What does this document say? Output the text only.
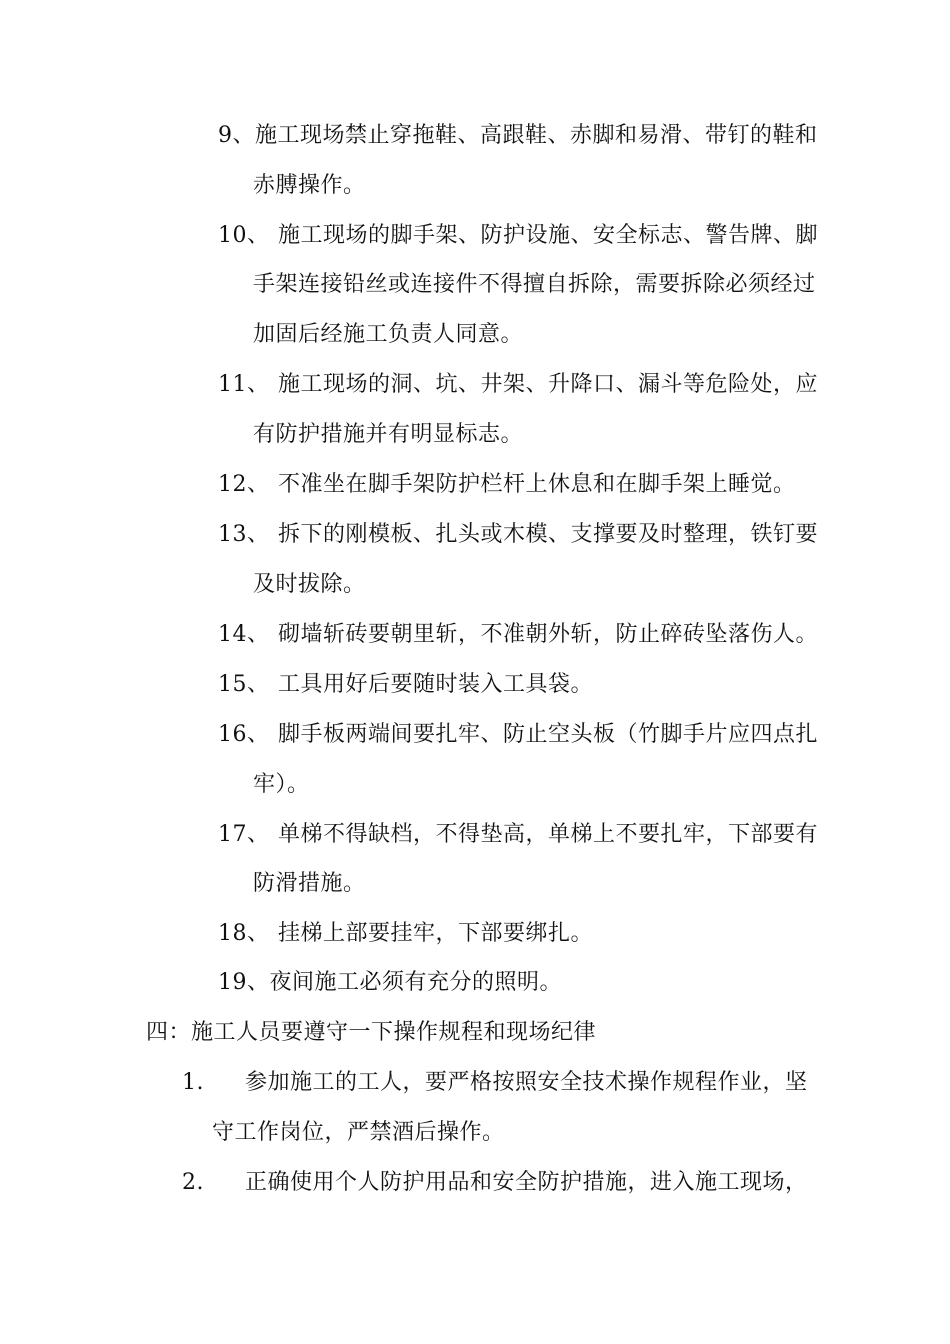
9、施工现场禁止穿拖鞋、高跟鞋、赤脚和易滑、带钉的鞋和
赤膊操作。
10、 施工现场的脚手架、防护设施、安全标志、警告牌、脚
手架连接铅丝或连接件不得擅自拆除，需要拆除必须经过
加固后经施工负责人同意。
11、 施工现场的洞、坑、井架、升降口、漏斗等危险处，应
有防护措施并有明显标志。
12、 不准坐在脚手架防护栏杆上休息和在脚手架上睡觉。
13、 拆下的刚模板、扎头或木模、支撑要及时整理，铁钉要
及时拔除。
14、 砌墙斩砖要朝里斩，不准朝外斩，防止碎砖坠落伤人。
15、 工具用好后要随时装入工具袋。
16、 脚手板两端间要扎牢、防止空头板（竹脚手片应四点扎
牢）。
17、 单梯不得缺档，不得垫高，单梯上不要扎牢，下部要有
防滑措施。
18、 挂梯上部要挂牢，下部要绑扎。
19、夜间施工必须有充分的照明。
四：施工人员要遵守一下操作规程和现场纪律
1. 参加施工的工人，要严格按照安全技术操作规程作业，坚
守工作岗位，严禁酒后操作。
2. 正确使用个人防护用品和安全防护措施，进入施工现场，
